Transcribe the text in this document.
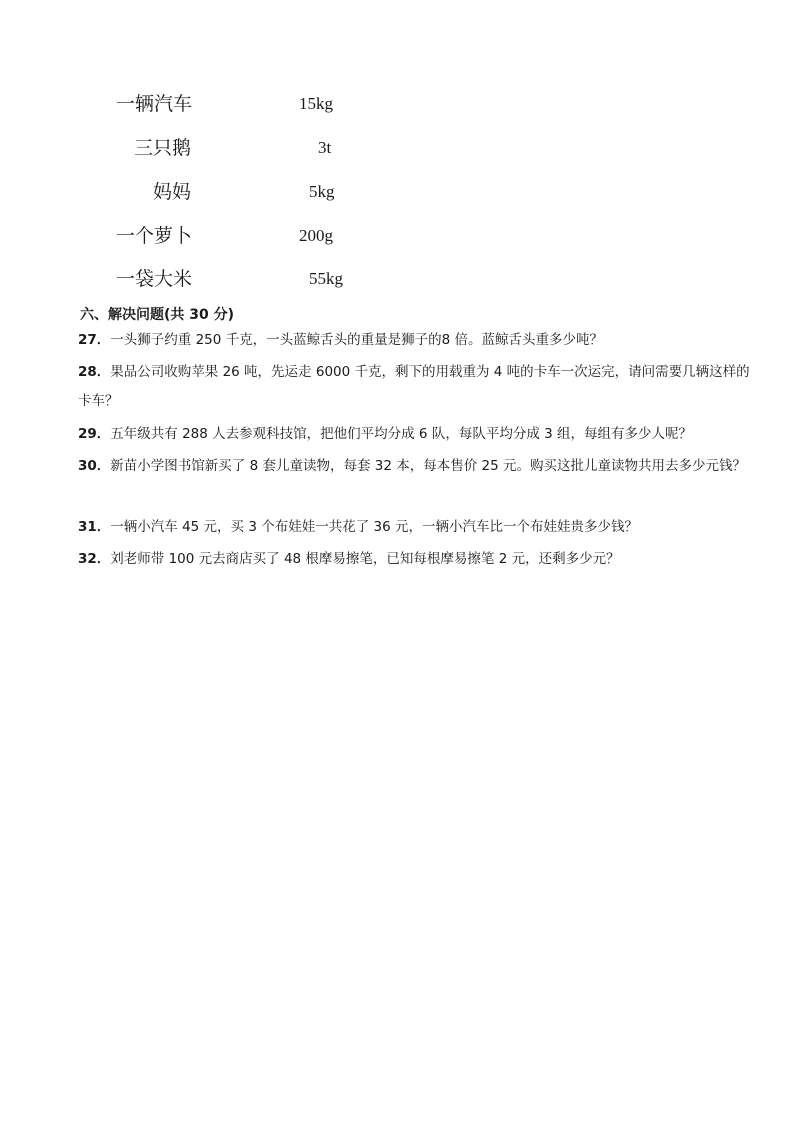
一辆汽车	15kg
三只鹅	3t
妈妈	5kg
一个萝卜	200g
一袋大米	55kg
六、解决问题(共 30 分)
27．一头狮子约重 250 千克，一头蓝鲸舌头的重量是狮子的8 倍。蓝鲸舌头重多少吨？
28．果品公司收购苹果 26 吨，先运走 6000 千克，剩下的用载重为 4 吨的卡车一次运完，请问需要几辆这样的卡车？
29．五年级共有 288 人去参观科技馆，把他们平均分成 6 队，每队平均分成 3 组，每组有多少人呢？
30．新苗小学图书馆新买了 8 套儿童读物，每套 32 本，每本售价 25 元。购买这批儿童读物共用去多少元钱？
31．一辆小汽车 45 元，买 3 个布娃娃一共花了 36 元，一辆小汽车比一个布娃娃贵多少钱？
32．刘老师带 100 元去商店买了 48 根摩易擦笔，已知每根摩易擦笔 2 元，还剩多少元？
